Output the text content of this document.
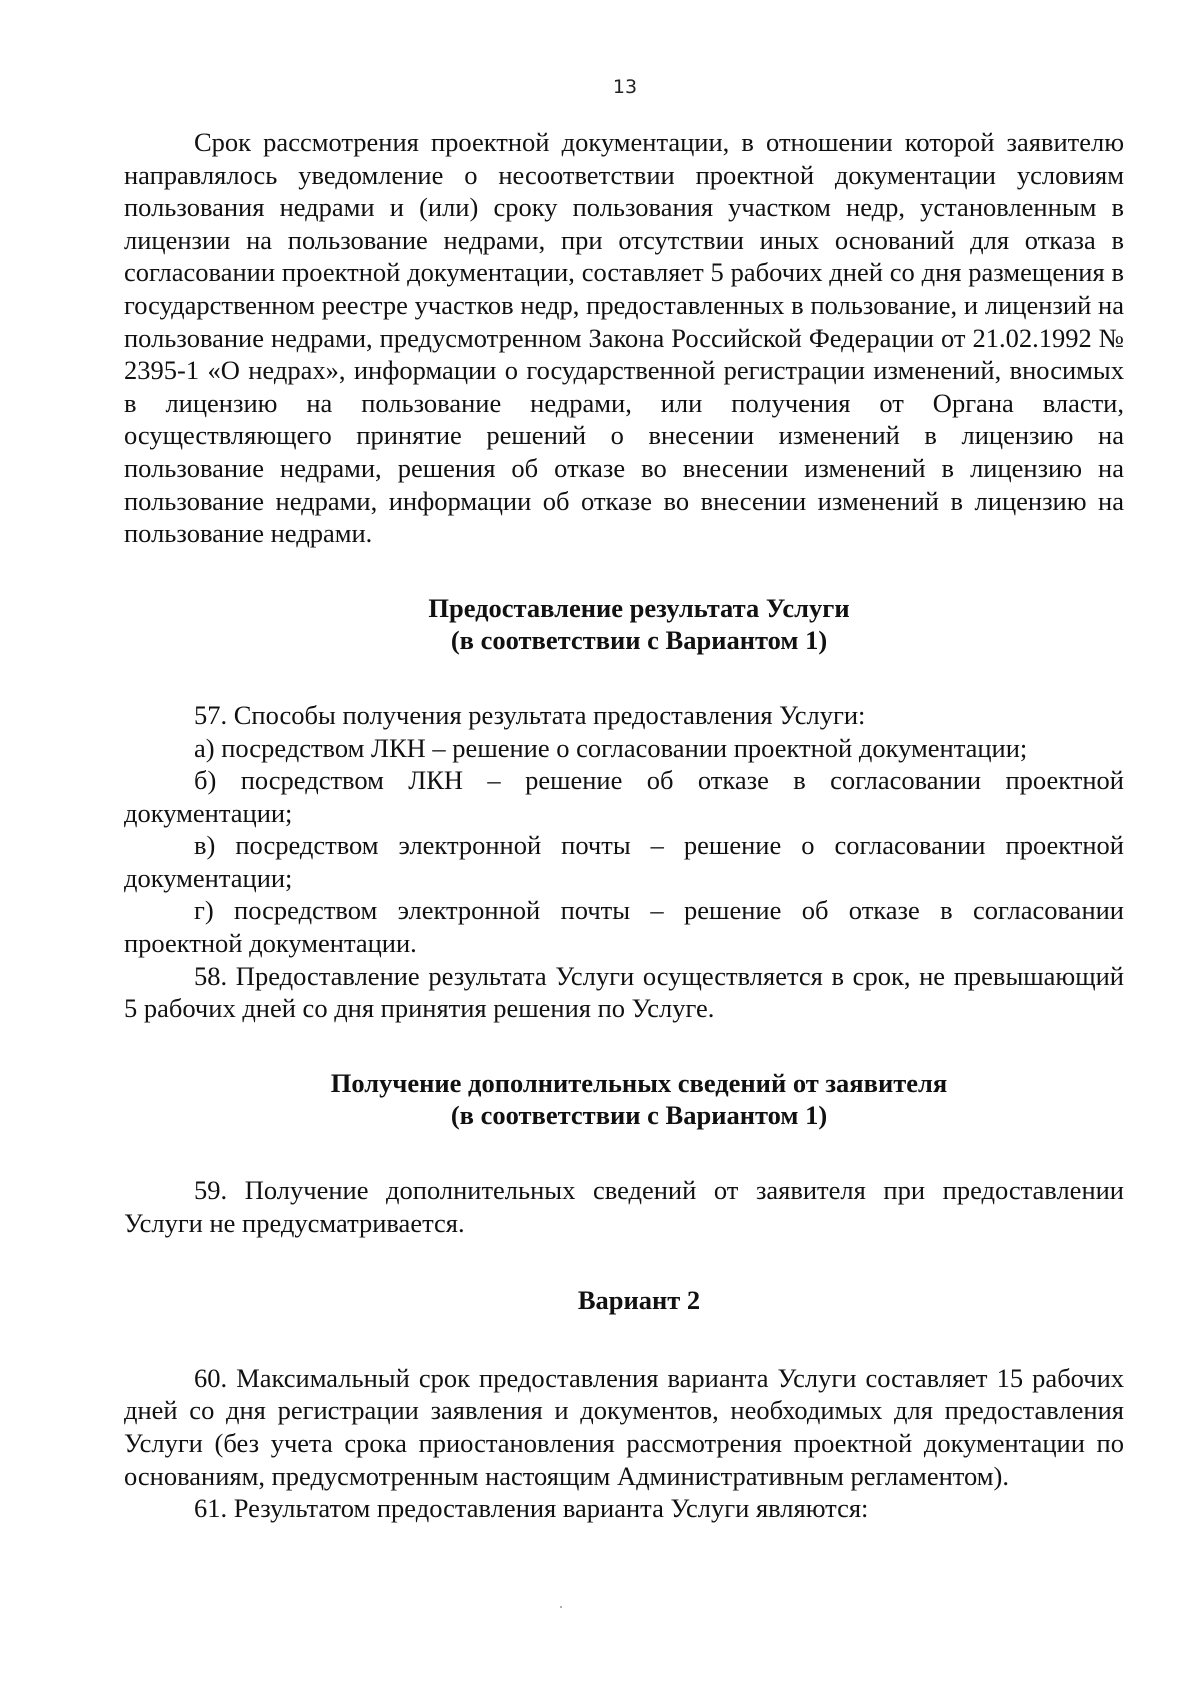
13

Срок рассмотрения проектной документации, в отношении которой заявителю направлялось уведомление о несоответствии проектной документации условиям пользования недрами и (или) сроку пользования участком недр, установленным в лицензии на пользование недрами, при отсутствии иных оснований для отказа в согласовании проектной документации, составляет 5 рабочих дней со дня размещения в государственном реестре участков недр, предоставленных в пользование, и лицензий на пользование недрами, предусмотренном Закона Российской Федерации от 21.02.1992 № 2395-1 «О недрах», информации о государственной регистрации изменений, вносимых в лицензию на пользование недрами, или получения от Органа власти, осуществляющего принятие решений о внесении изменений в лицензию на пользование недрами, решения об отказе во внесении изменений в лицензию на пользование недрами, информации об отказе во внесении изменений в лицензию на пользование недрами.

Предоставление результата Услуги

(в соответствии с Вариантом 1)

57. Способы получения результата предоставления Услуги:

а) посредством ЛКН – решение о согласовании проектной документации;

б) посредством ЛКН – решение об отказе в согласовании проектной документации;

в) посредством электронной почты – решение о согласовании проектной документации;

г) посредством электронной почты – решение об отказе в согласовании проектной документации.

58. Предоставление результата Услуги осуществляется в срок, не превышающий 5 рабочих дней со дня принятия решения по Услуге.

Получение дополнительных сведений от заявителя

(в соответствии с Вариантом 1)

59. Получение дополнительных сведений от заявителя при предоставлении Услуги не предусматривается.

Вариант 2

60. Максимальный срок предоставления варианта Услуги составляет 15 рабочих дней со дня регистрации заявления и документов, необходимых для предоставления Услуги (без учета срока приостановления рассмотрения проектной документации по основаниям, предусмотренным настоящим Административным регламентом).

61. Результатом предоставления варианта Услуги являются:
